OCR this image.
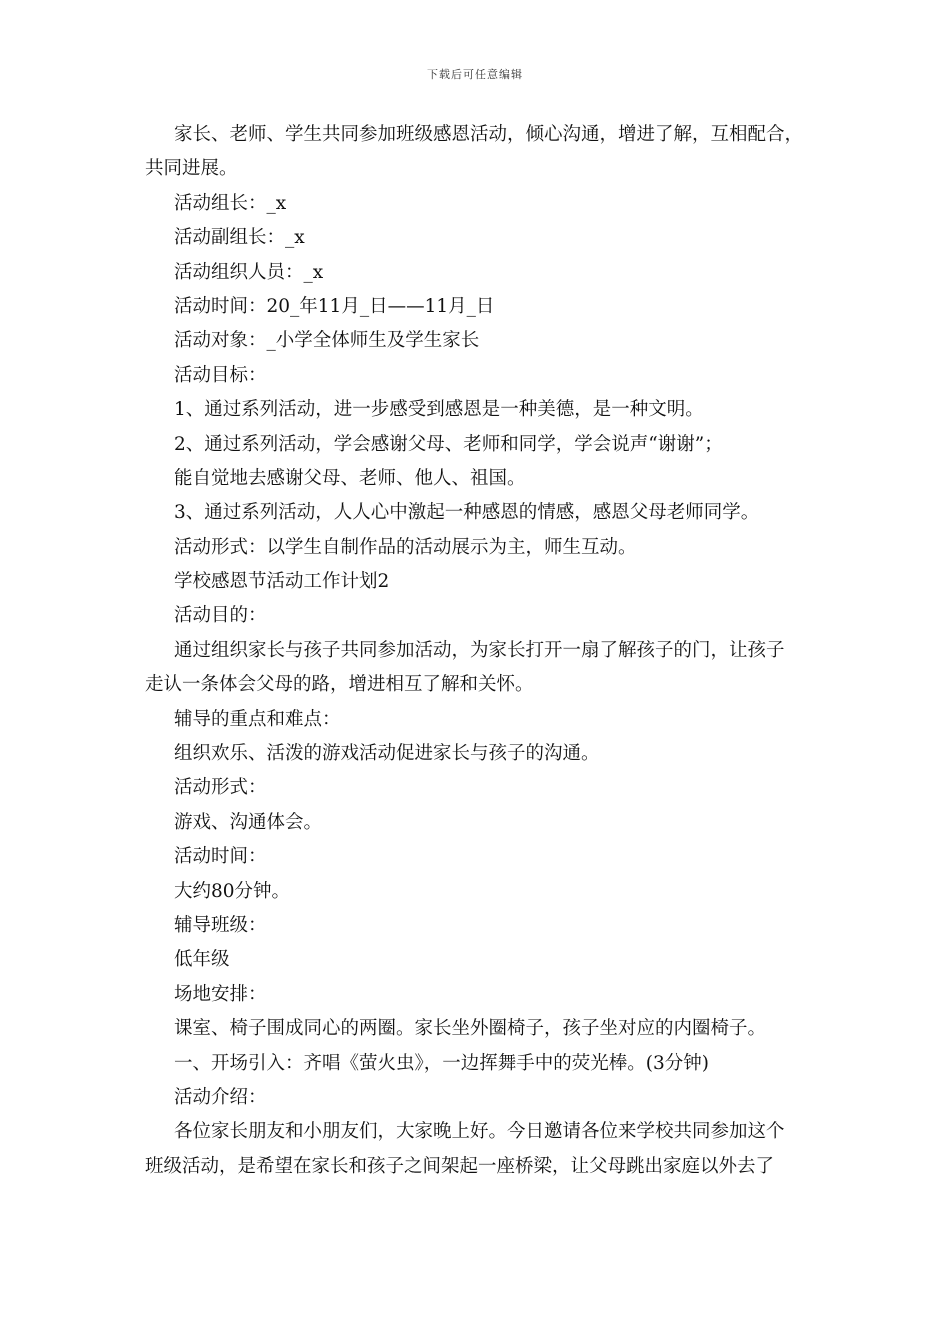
下载后可任意编辑
家长、老师、学生共同参加班级感恩活动，倾心沟通，增进了解，互相配合，
共同进展。
活动组长：_x
活动副组长：_x
活动组织人员：_x
活动时间：20_年11月_日——11月_日
活动对象：_小学全体师生及学生家长
活动目标：
1、通过系列活动，进一步感受到感恩是一种美德，是一种文明。
2、通过系列活动，学会感谢父母、老师和同学，学会说声“谢谢”；
能自觉地去感谢父母、老师、他人、祖国。
3、通过系列活动，人人心中激起一种感恩的情感，感恩父母老师同学。
活动形式：以学生自制作品的活动展示为主，师生互动。
学校感恩节活动工作计划2
活动目的：
通过组织家长与孩子共同参加活动，为家长打开一扇了解孩子的门，让孩子
走认一条体会父母的路，增进相互了解和关怀。
辅导的重点和难点：
组织欢乐、活泼的游戏活动促进家长与孩子的沟通。
活动形式：
游戏、沟通体会。
活动时间：
大约80分钟。
辅导班级：
低年级
场地安排：
课室、椅子围成同心的两圈。家长坐外圈椅子，孩子坐对应的内圈椅子。
一、开场引入：齐唱《萤火虫》，一边挥舞手中的荧光棒。(3分钟)
活动介绍：
各位家长朋友和小朋友们，大家晚上好。今日邀请各位来学校共同参加这个
班级活动，是希望在家长和孩子之间架起一座桥梁，让父母跳出家庭以外去了
